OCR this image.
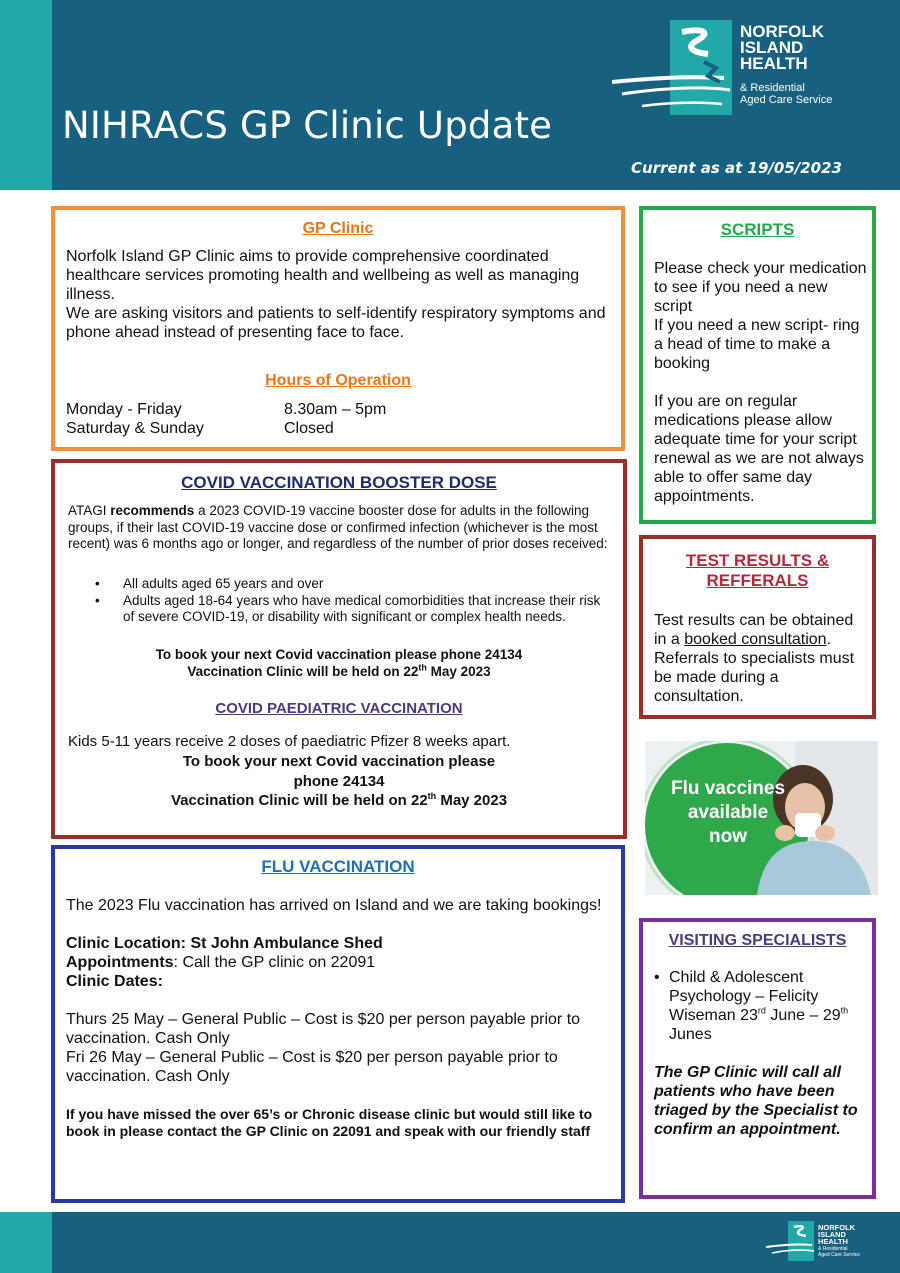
NIHRACS GP Clinic Update
Current as at 19/05/2023
NORFOLK
ISLAND
HEALTH
& Residential
Aged Care Service
GP Clinic

Norfolk Island GP Clinic aims to provide comprehensive coordinated healthcare services promoting health and wellbeing as well as managing illness.

We are asking visitors and patients to self-identify respiratory symptoms and phone ahead instead of presenting face to face.

Hours of Operation
Monday - Friday	8.30am – 5pm
Saturday & Sunday	Closed
COVID VACCINATION BOOSTER DOSE

ATAGI recommends a 2023 COVID-19 vaccine booster dose for adults in the following groups, if their last COVID-19 vaccine dose or confirmed infection (whichever is the most recent) was 6 months ago or longer, and regardless of the number of prior doses received:

• All adults aged 65 years and over
• Adults aged 18-64 years who have medical comorbidities that increase their risk of severe COVID-19, or disability with significant or complex health needs.
To book your next Covid vaccination please phone 24134
Vaccination Clinic will be held on 22th May 2023
COVID PAEDIATRIC VACCINATION
Kids 5-11 years receive 2 doses of paediatric Pfizer 8 weeks apart.
To book your next Covid vaccination please
phone 24134
Vaccination Clinic will be held on 22th May 2023
FLU VACCINATION

The 2023 Flu vaccination has arrived on Island and we are taking bookings!

Clinic Location: St John Ambulance Shed

Appointments: Call the GP clinic on 22091

Clinic Dates:

Thurs 25 May – General Public – Cost is $20 per person payable prior to vaccination. Cash Only

Fri 26 May – General Public – Cost is $20 per person payable prior to vaccination. Cash Only

If you have missed the over 65’s or Chronic disease clinic but would still like to book in please contact the GP Clinic on 22091 and speak with our friendly staff

SCRIPTS

Please check your medication to see if you need a new script

If you need a new script- ring a head of time to make a booking

If you are on regular medications please allow adequate time for your script renewal as we are not always able to offer same day appointments.

TEST RESULTS &
REFFERALS

Test results can be obtained in a booked consultation. Referrals to specialists must be made during a consultation.

Flu vaccines
available
now
VISITING SPECIALISTS
• Child & Adolescent Psychology – Felicity Wiseman 23rd June – 29th Junes

The GP Clinic will call all patients who have been triaged by the Specialist to confirm an appointment.

NORFOLK
ISLAND
HEALTH
& Residential
Aged Care Service
